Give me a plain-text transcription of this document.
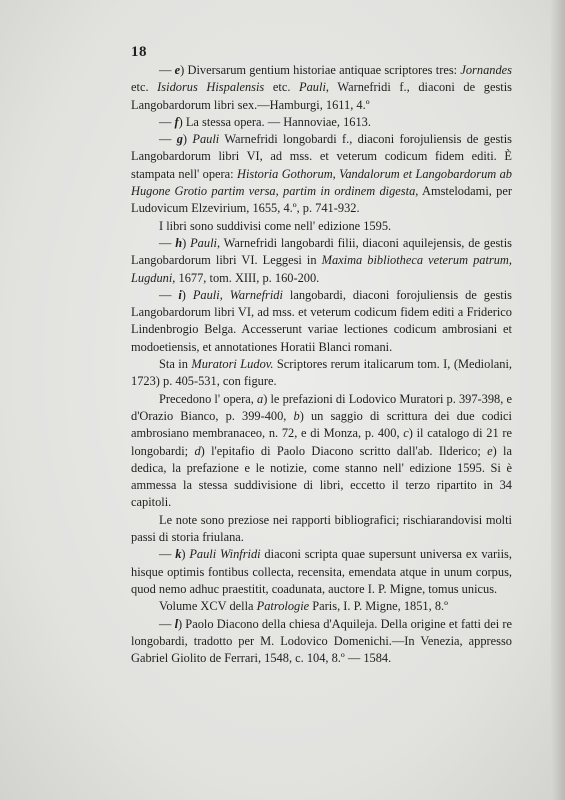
18

— e) Diversarum gentium historiae antiquae scriptores tres: Jornandes etc. Isidorus Hispalensis etc. Pauli, Warnefridi f., diaconi de gestis Langobardorum libri sex.—Hamburgi, 1611, 4.º

— f) La stessa opera. — Hannoviae, 1613.

— g) Pauli Warnefridi longobardi f., diaconi forojuliensis de gestis Langobardorum libri VI, ad mss. et veterum codicum fidem editi. È stampata nell' opera: Historia Gothorum, Vandalorum et Langobardorum ab Hugone Grotio partim versa, partim in ordinem digesta, Amstelodami, per Ludovicum Elzevirium, 1655, 4.º, p. 741-932.

I libri sono suddivisi come nell' edizione 1595.

— h) Pauli, Warnefridi langobardi filii, diaconi aquilejensis, de gestis Langobardorum libri VI. Leggesi in Maxima bibliotheca veterum patrum, Lugduni, 1677, tom. XIII, p. 160-200.

— i) Pauli, Warnefridi langobardi, diaconi forojuliensis de gestis Langobardorum libri VI, ad mss. et veterum codicum fidem editi a Friderico Lindenbrogio Belga. Accesserunt variae lectiones codicum ambrosiani et modoetiensis, et annotationes Horatii Blanci romani.

Sta in Muratori Ludov. Scriptores rerum italicarum tom. I, (Mediolani, 1723) p. 405-531, con figure.

Precedono l' opera, a) le prefazioni di Lodovico Muratori p. 397-398, e d'Orazio Bianco, p. 399-400, b) un saggio di scrittura dei due codici ambrosiano membranaceo, n. 72, e di Monza, p. 400, c) il catalogo di 21 re longobardi; d) l'epitafio di Paolo Diacono scritto dall'ab. Ilderico; e) la dedica, la prefazione e le notizie, come stanno nell' edizione 1595. Si è ammessa la stessa suddivisione di libri, eccetto il terzo ripartito in 34 capitoli.

Le note sono preziose nei rapporti bibliografici; rischiarandovisi molti passi di storia friulana.

— k) Pauli Winfridi diaconi scripta quae supersunt universa ex variis, hisque optimis fontibus collecta, recensita, emendata atque in unum corpus, quod nemo adhuc praestitit, coadunata, auctore I. P. Migne, tomus unicus.

Volume XCV della Patrologie Paris, I. P. Migne, 1851, 8.º

— l) Paolo Diacono della chiesa d'Aquileja. Della origine et fatti dei re longobardi, tradotto per M. Lodovico Domenichi.—In Venezia, appresso Gabriel Giolito de Ferrari, 1548, c. 104, 8.º — 1584.
